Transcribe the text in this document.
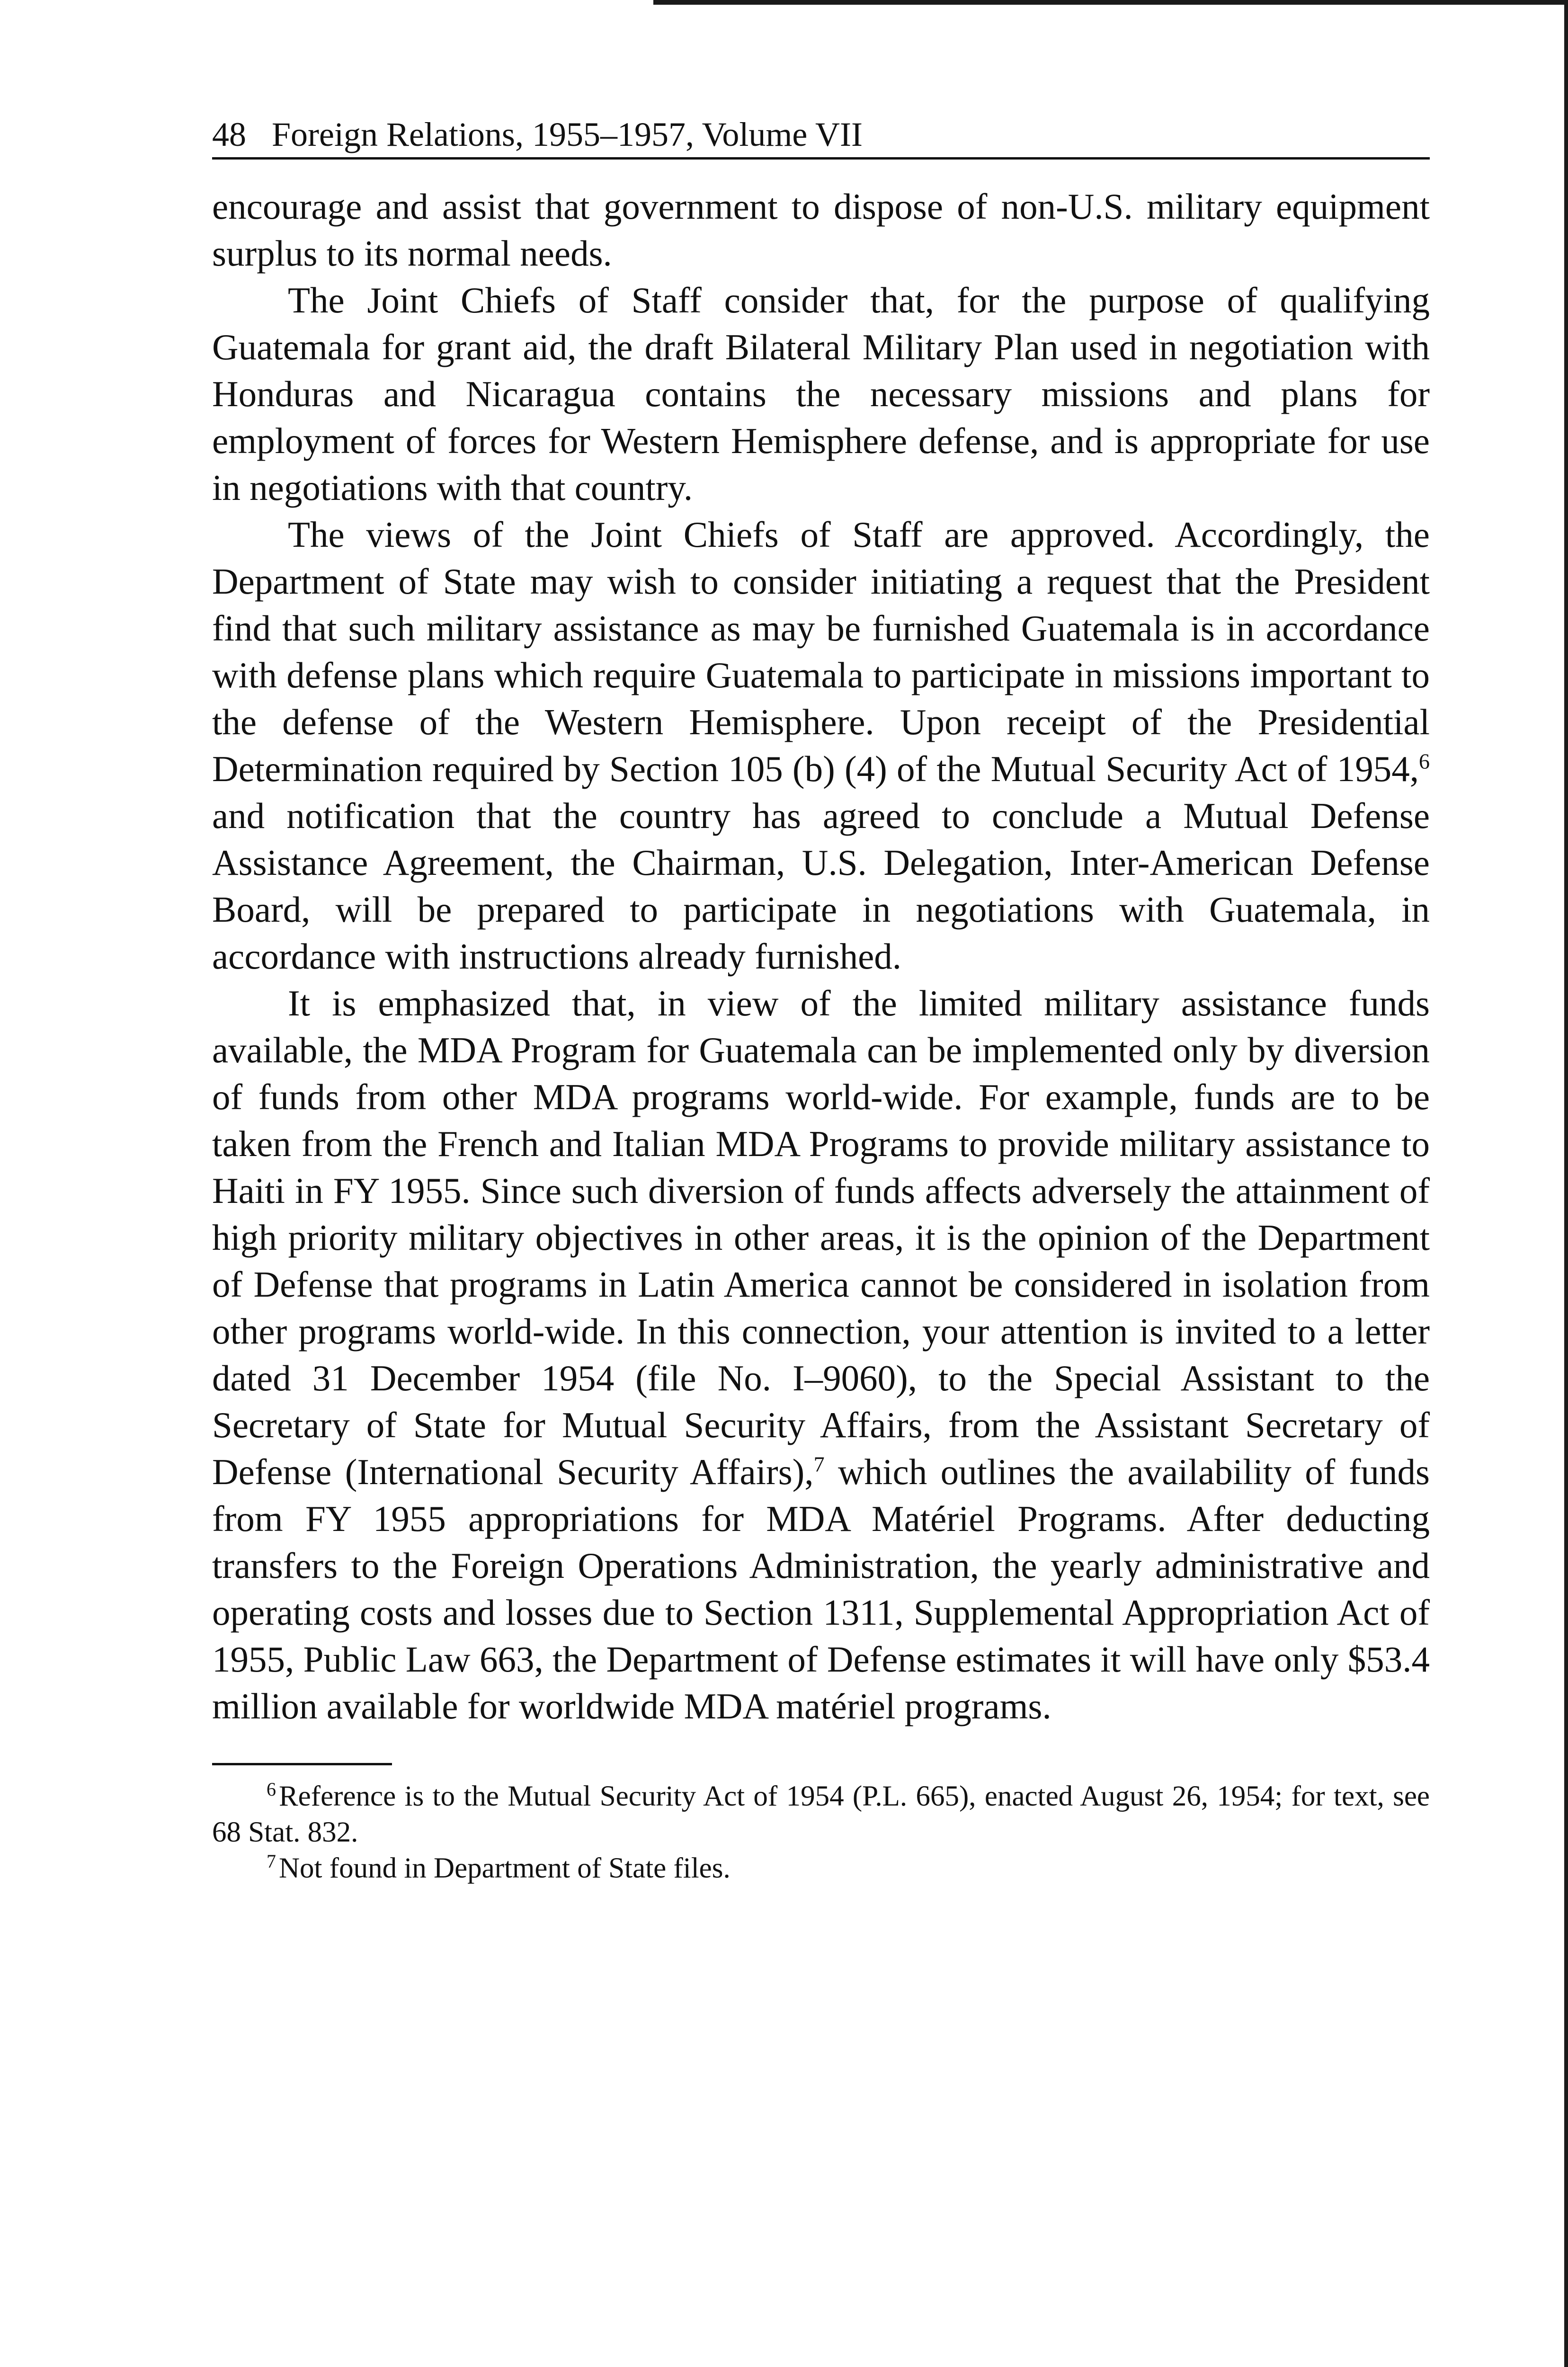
48 Foreign Relations, 1955–1957, Volume VII

encourage and assist that government to dispose of non-U.S. military equipment surplus to its normal needs.

The Joint Chiefs of Staff consider that, for the purpose of qualifying Guatemala for grant aid, the draft Bilateral Military Plan used in negotiation with Honduras and Nicaragua contains the necessary missions and plans for employment of forces for Western Hemisphere defense, and is appropriate for use in negotiations with that country.

The views of the Joint Chiefs of Staff are approved. Accordingly, the Department of State may wish to consider initiating a request that the President find that such military assistance as may be furnished Guatemala is in accordance with defense plans which require Guatemala to participate in missions important to the defense of the Western Hemisphere. Upon receipt of the Presidential Determination required by Section 105 (b) (4) of the Mutual Security Act of 1954,$^6$ and notification that the country has agreed to conclude a Mutual Defense Assistance Agreement, the Chairman, U.S. Delegation, Inter-American Defense Board, will be prepared to participate in negotiations with Guatemala, in accordance with instructions already furnished.

It is emphasized that, in view of the limited military assistance funds available, the MDA Program for Guatemala can be implemented only by diversion of funds from other MDA programs world-wide. For example, funds are to be taken from the French and Italian MDA Programs to provide military assistance to Haiti in FY 1955. Since such diversion of funds affects adversely the attainment of high priority military objectives in other areas, it is the opinion of the Department of Defense that programs in Latin America cannot be considered in isolation from other programs world-wide. In this connection, your attention is invited to a letter dated 31 December 1954 (file No. I–9060), to the Special Assistant to the Secretary of State for Mutual Security Affairs, from the Assistant Secretary of Defense (International Security Affairs),$^7$ which outlines the availability of funds from FY 1955 appropriations for MDA Matériel Programs. After deducting transfers to the Foreign Operations Administration, the yearly administrative and operating costs and losses due to Section 1311, Supplemental Appropriation Act of 1955, Public Law 663, the Department of Defense estimates it will have only $53.4 million available for worldwide MDA matériel programs.

$^6$Reference is to the Mutual Security Act of 1954 (P.L. 665), enacted August 26, 1954; for text, see 68 Stat. 832.

$^7$Not found in Department of State files.
